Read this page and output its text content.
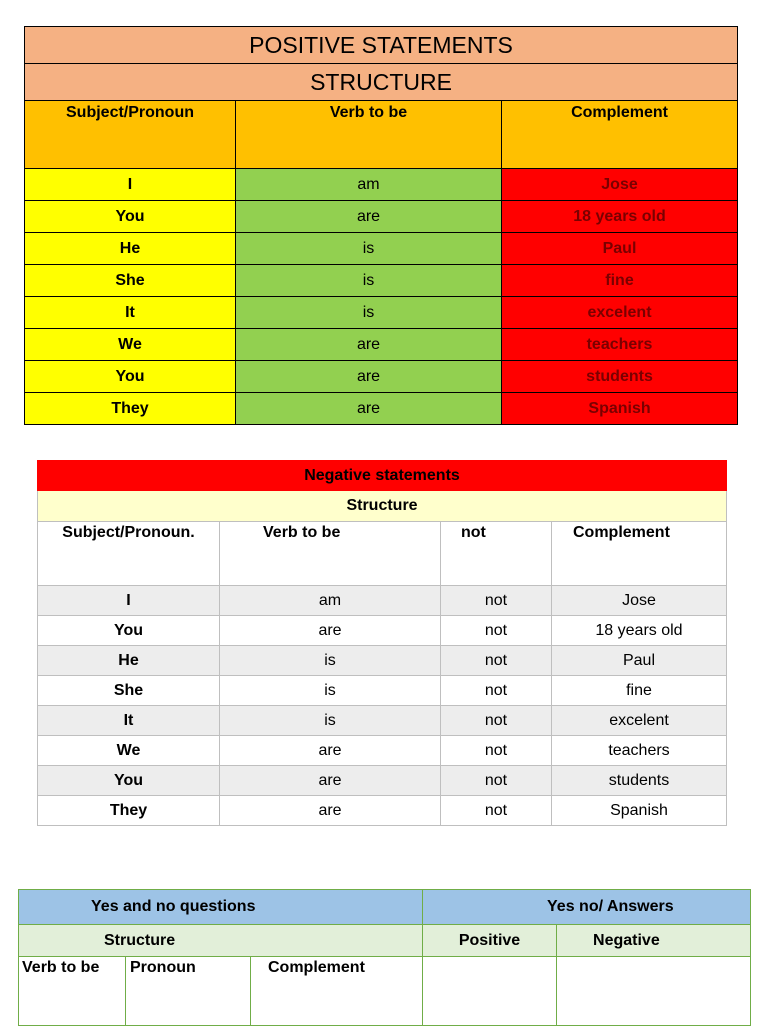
POSITIVE STATEMENTS		
STRUCTURE		
Subject/Pronoun	Verb to be	Complement
I	am	Jose
You	are	18 years old
He	is	Paul
She	is	fine
It	is	excelent
We	are	teachers
You	are	students
They	are	Spanish
Negative statements			
Structure			
Subject/Pronoun.	Verb to be	not	Complement
I	am	not	Jose
You	are	not	18 years old
He	is	not	Paul
She	is	not	fine
It	is	not	excelent
We	are	not	teachers
You	are	not	students
They	are	not	Spanish
Yes and no questions			Yes no/ Answers	
Structure			Positive	Negative
Verb to be	Pronoun	Complement		
